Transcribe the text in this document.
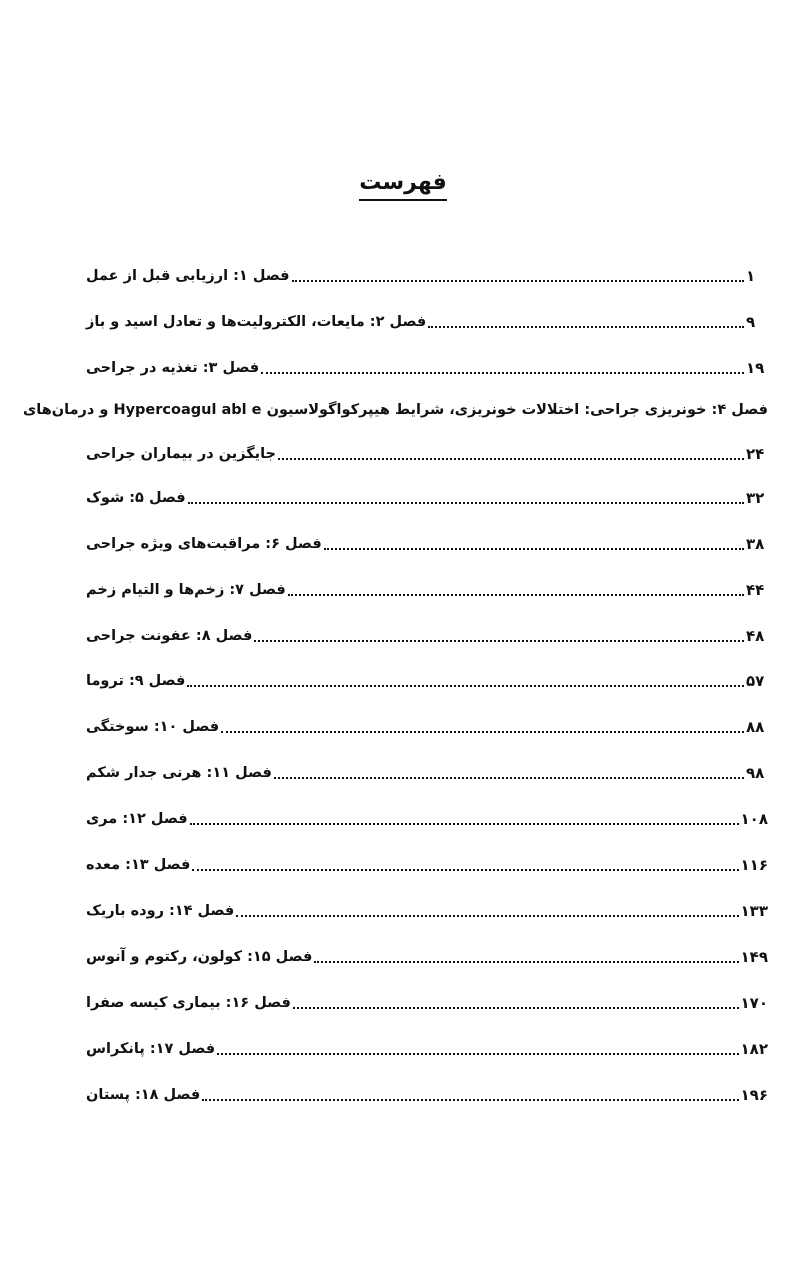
فهرست
فصل ۱: ارزیابی قبل از عمل	۱
فصل ۲: مایعات، الکترولیت‌ها و تعادل اسید و باز	۹
فصل ۳: تغذیه در جراحی	۱۹
فصل ۴: خونریزی جراحی: اختلالات خونریزی، شرایط هیپرکواگولاسیون Hypercoagul abl e و درمان‌های
جایگزین در بیماران جراحی	۲۴
فصل ۵: شوک	۳۲
فصل ۶: مراقبت‌های ویژه جراحی	۳۸
فصل ۷: زخم‌ها و التیام زخم	۴۴
فصل ۸: عفونت جراحی	۴۸
فصل ۹: تروما	۵۷
فصل ۱۰: سوختگی	۸۸
فصل ۱۱: هرنی جدار شکم	۹۸
فصل ۱۲: مری	۱۰۸
فصل ۱۳: معده	۱۱۶
فصل ۱۴: روده باریک	۱۳۳
فصل ۱۵: کولون، رکتوم و آنوس	۱۴۹
فصل ۱۶: بیماری کیسه صفرا	۱۷۰
فصل ۱۷: پانکراس	۱۸۲
فصل ۱۸: پستان	۱۹۶
